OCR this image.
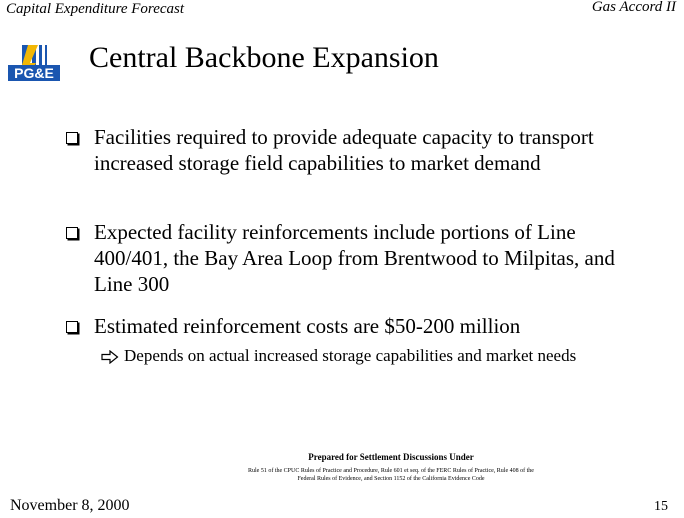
Capital Expenditure Forecast	Gas Accord II
PG&E Central Backbone Expansion
Facilities required to provide adequate capacity to transport increased storage field capabilities to market demand
Expected facility reinforcements include portions of Line 400/401, the Bay Area Loop from Brentwood to Milpitas, and Line 300
Estimated reinforcement costs are $50-200 million
Depends on actual increased storage capabilities and market needs
November 8, 2000
Prepared for Settlement Discussions Under
Rule 51 of the CPUC Rules of Practice and Procedure, Rule 601 et seq. of the FERC Rules of Practice, Rule 408 of the Federal Rules of Evidence, and Section 1152 of the California Evidence Code
15
